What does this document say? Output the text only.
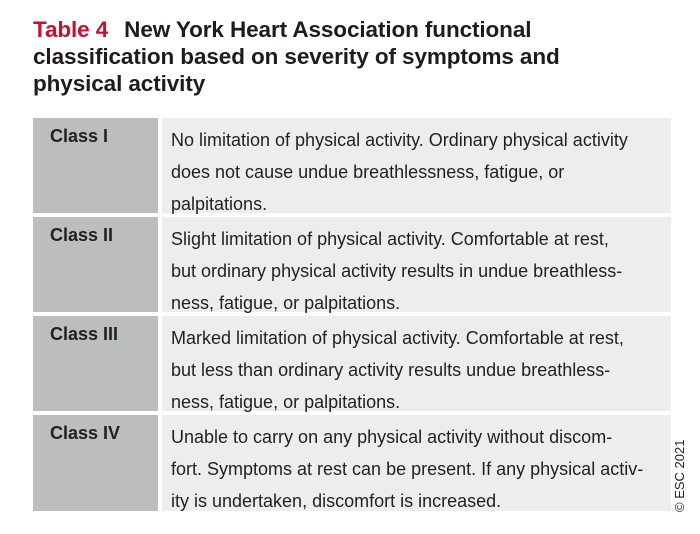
Table 4 New York Heart Association functional
classification based on severity of symptoms and
physical activity
Class I	No limitation of physical activity. Ordinary physical activity
does not cause undue breathlessness, fatigue, or
palpitations.
Class II	Slight limitation of physical activity. Comfortable at rest,
but ordinary physical activity results in undue breathless-
ness, fatigue, or palpitations.
Class III	Marked limitation of physical activity. Comfortable at rest,
but less than ordinary activity results undue breathless-
ness, fatigue, or palpitations.
Class IV	Unable to carry on any physical activity without discom-
fort. Symptoms at rest can be present. If any physical activ-
ity is undertaken, discomfort is increased.	© ESC 2021
